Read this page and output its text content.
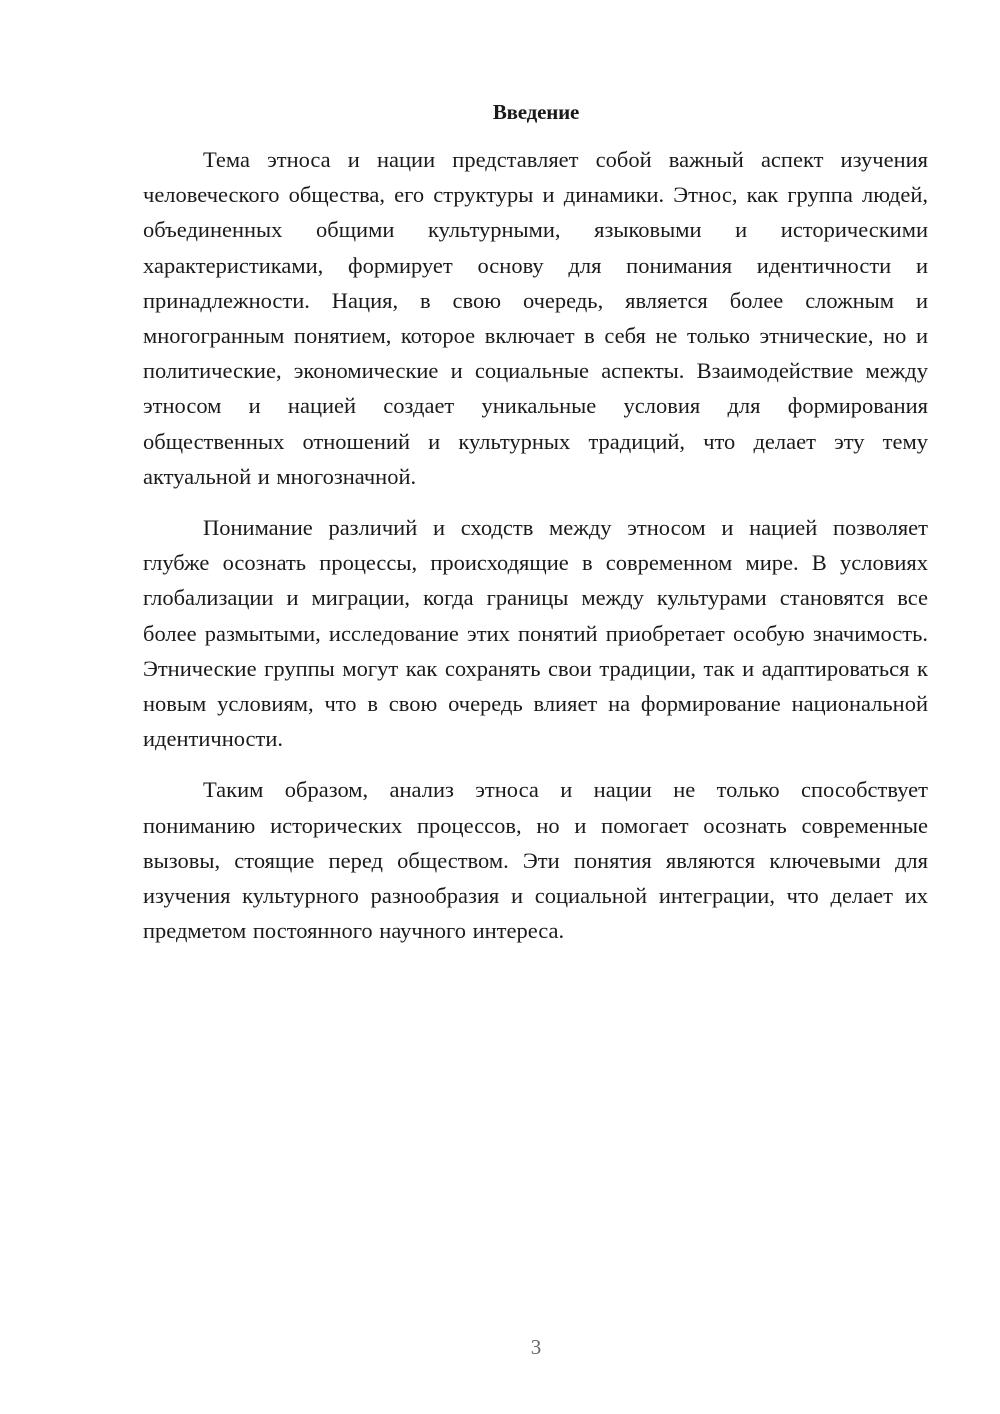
Введение

Тема этноса и нации представляет собой важный аспект изучения человеческого общества, его структуры и динамики. Этнос, как группа людей, объединенных общими культурными, языковыми и историческими характеристиками, формирует основу для понимания идентичности и принадлежности. Нация, в свою очередь, является более сложным и многогранным понятием, которое включает в себя не только этнические, но и политические, экономические и социальные аспекты. Взаимодействие между этносом и нацией создает уникальные условия для формирования общественных отношений и культурных традиций, что делает эту тему актуальной и многозначной.

Понимание различий и сходств между этносом и нацией позволяет глубже осознать процессы, происходящие в современном мире. В условиях глобализации и миграции, когда границы между культурами становятся все более размытыми, исследование этих понятий приобретает особую значимость. Этнические группы могут как сохранять свои традиции, так и адаптироваться к новым условиям, что в свою очередь влияет на формирование национальной идентичности.

Таким образом, анализ этноса и нации не только способствует пониманию исторических процессов, но и помогает осознать современные вызовы, стоящие перед обществом. Эти понятия являются ключевыми для изучения культурного разнообразия и социальной интеграции, что делает их предметом постоянного научного интереса.

3
